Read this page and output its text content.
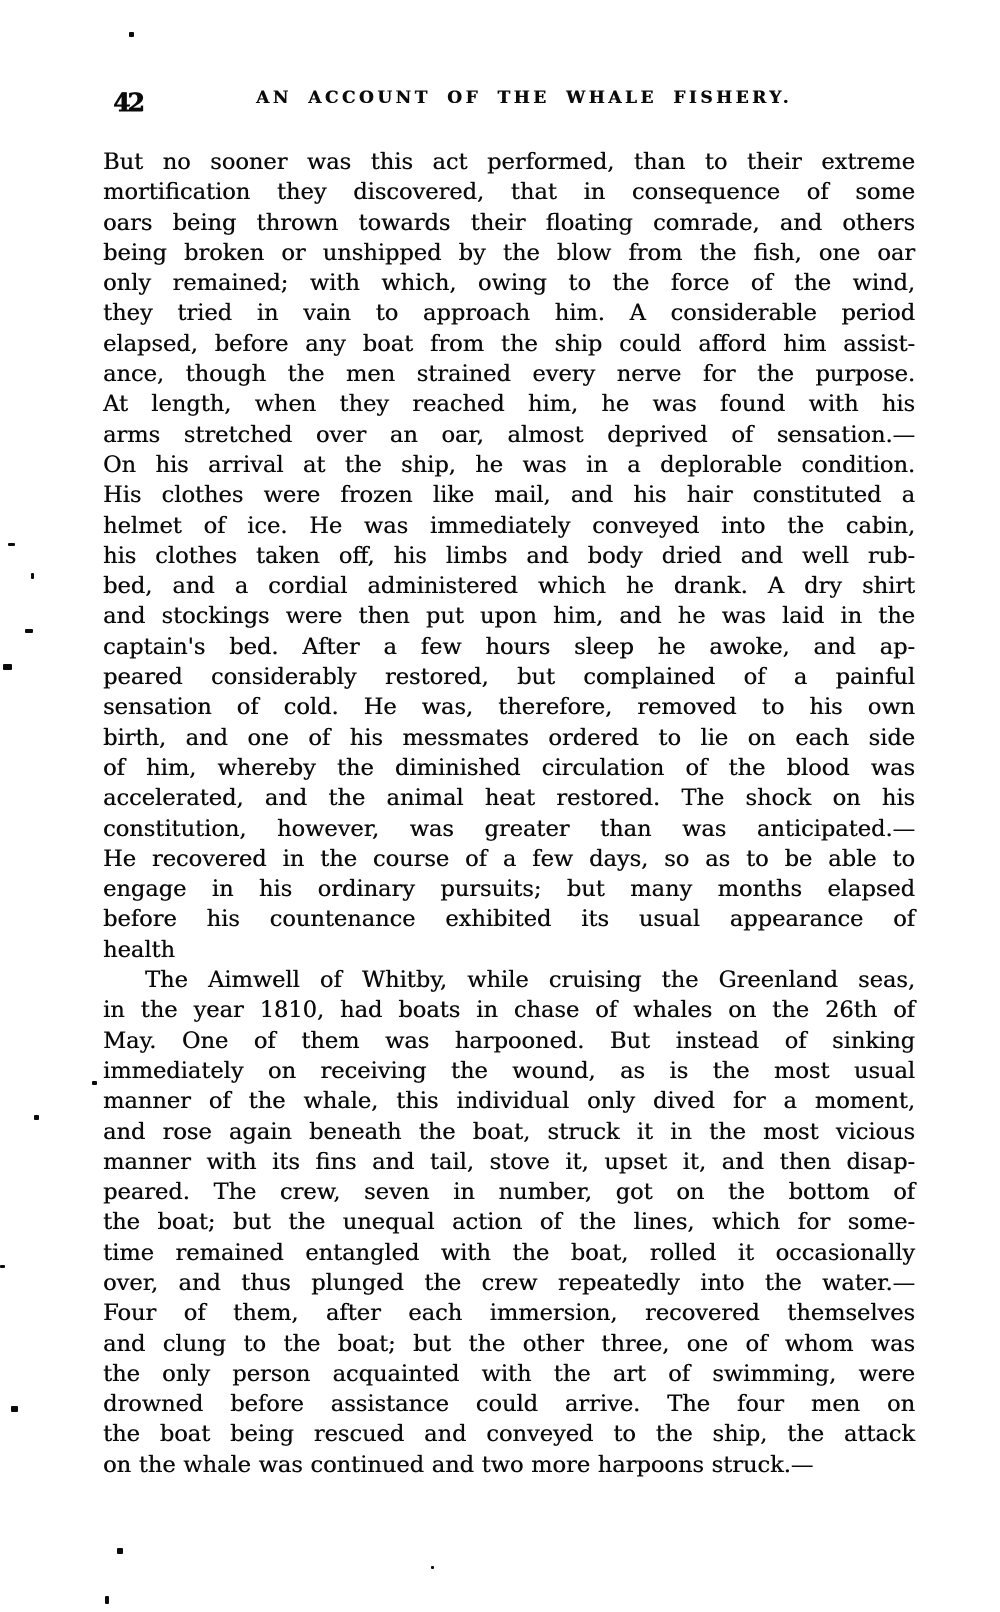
42	AN ACCOUNT OF THE WHALE FISHERY.
But no sooner was this act performed, than to their extreme
mortification they discovered, that in consequence of some
oars being thrown towards their floating comrade, and others
being broken or unshipped by the blow from the fish, one oar
only remained; with which, owing to the force of the wind,
they tried in vain to approach him. A considerable period
elapsed, before any boat from the ship could afford him assist-
ance, though the men strained every nerve for the purpose.
At length, when they reached him, he was found with his
arms stretched over an oar, almost deprived of sensation.—
On his arrival at the ship, he was in a deplorable condition.
His clothes were frozen like mail, and his hair constituted a
helmet of ice. He was immediately conveyed into the cabin,
his clothes taken off, his limbs and body dried and well rub-
bed, and a cordial administered which he drank. A dry shirt
and stockings were then put upon him, and he was laid in the
captain's bed. After a few hours sleep he awoke, and ap-
peared considerably restored, but complained of a painful
sensation of cold. He was, therefore, removed to his own
birth, and one of his messmates ordered to lie on each side
of him, whereby the diminished circulation of the blood was
accelerated, and the animal heat restored. The shock on his
constitution, however, was greater than was anticipated.—
He recovered in the course of a few days, so as to be able to
engage in his ordinary pursuits; but many months elapsed
before his countenance exhibited its usual appearance of
health
The Aimwell of Whitby, while cruising the Greenland seas,
in the year 1810, had boats in chase of whales on the 26th of
May. One of them was harpooned. But instead of sinking
immediately on receiving the wound, as is the most usual
manner of the whale, this individual only dived for a moment,
and rose again beneath the boat, struck it in the most vicious
manner with its fins and tail, stove it, upset it, and then disap-
peared. The crew, seven in number, got on the bottom of
the boat; but the unequal action of the lines, which for some-
time remained entangled with the boat, rolled it occasionally
over, and thus plunged the crew repeatedly into the water.—
Four of them, after each immersion, recovered themselves
and clung to the boat; but the other three, one of whom was
the only person acquainted with the art of swimming, were
drowned before assistance could arrive. The four men on
the boat being rescued and conveyed to the ship, the attack
on the whale was continued and two more harpoons struck.—
